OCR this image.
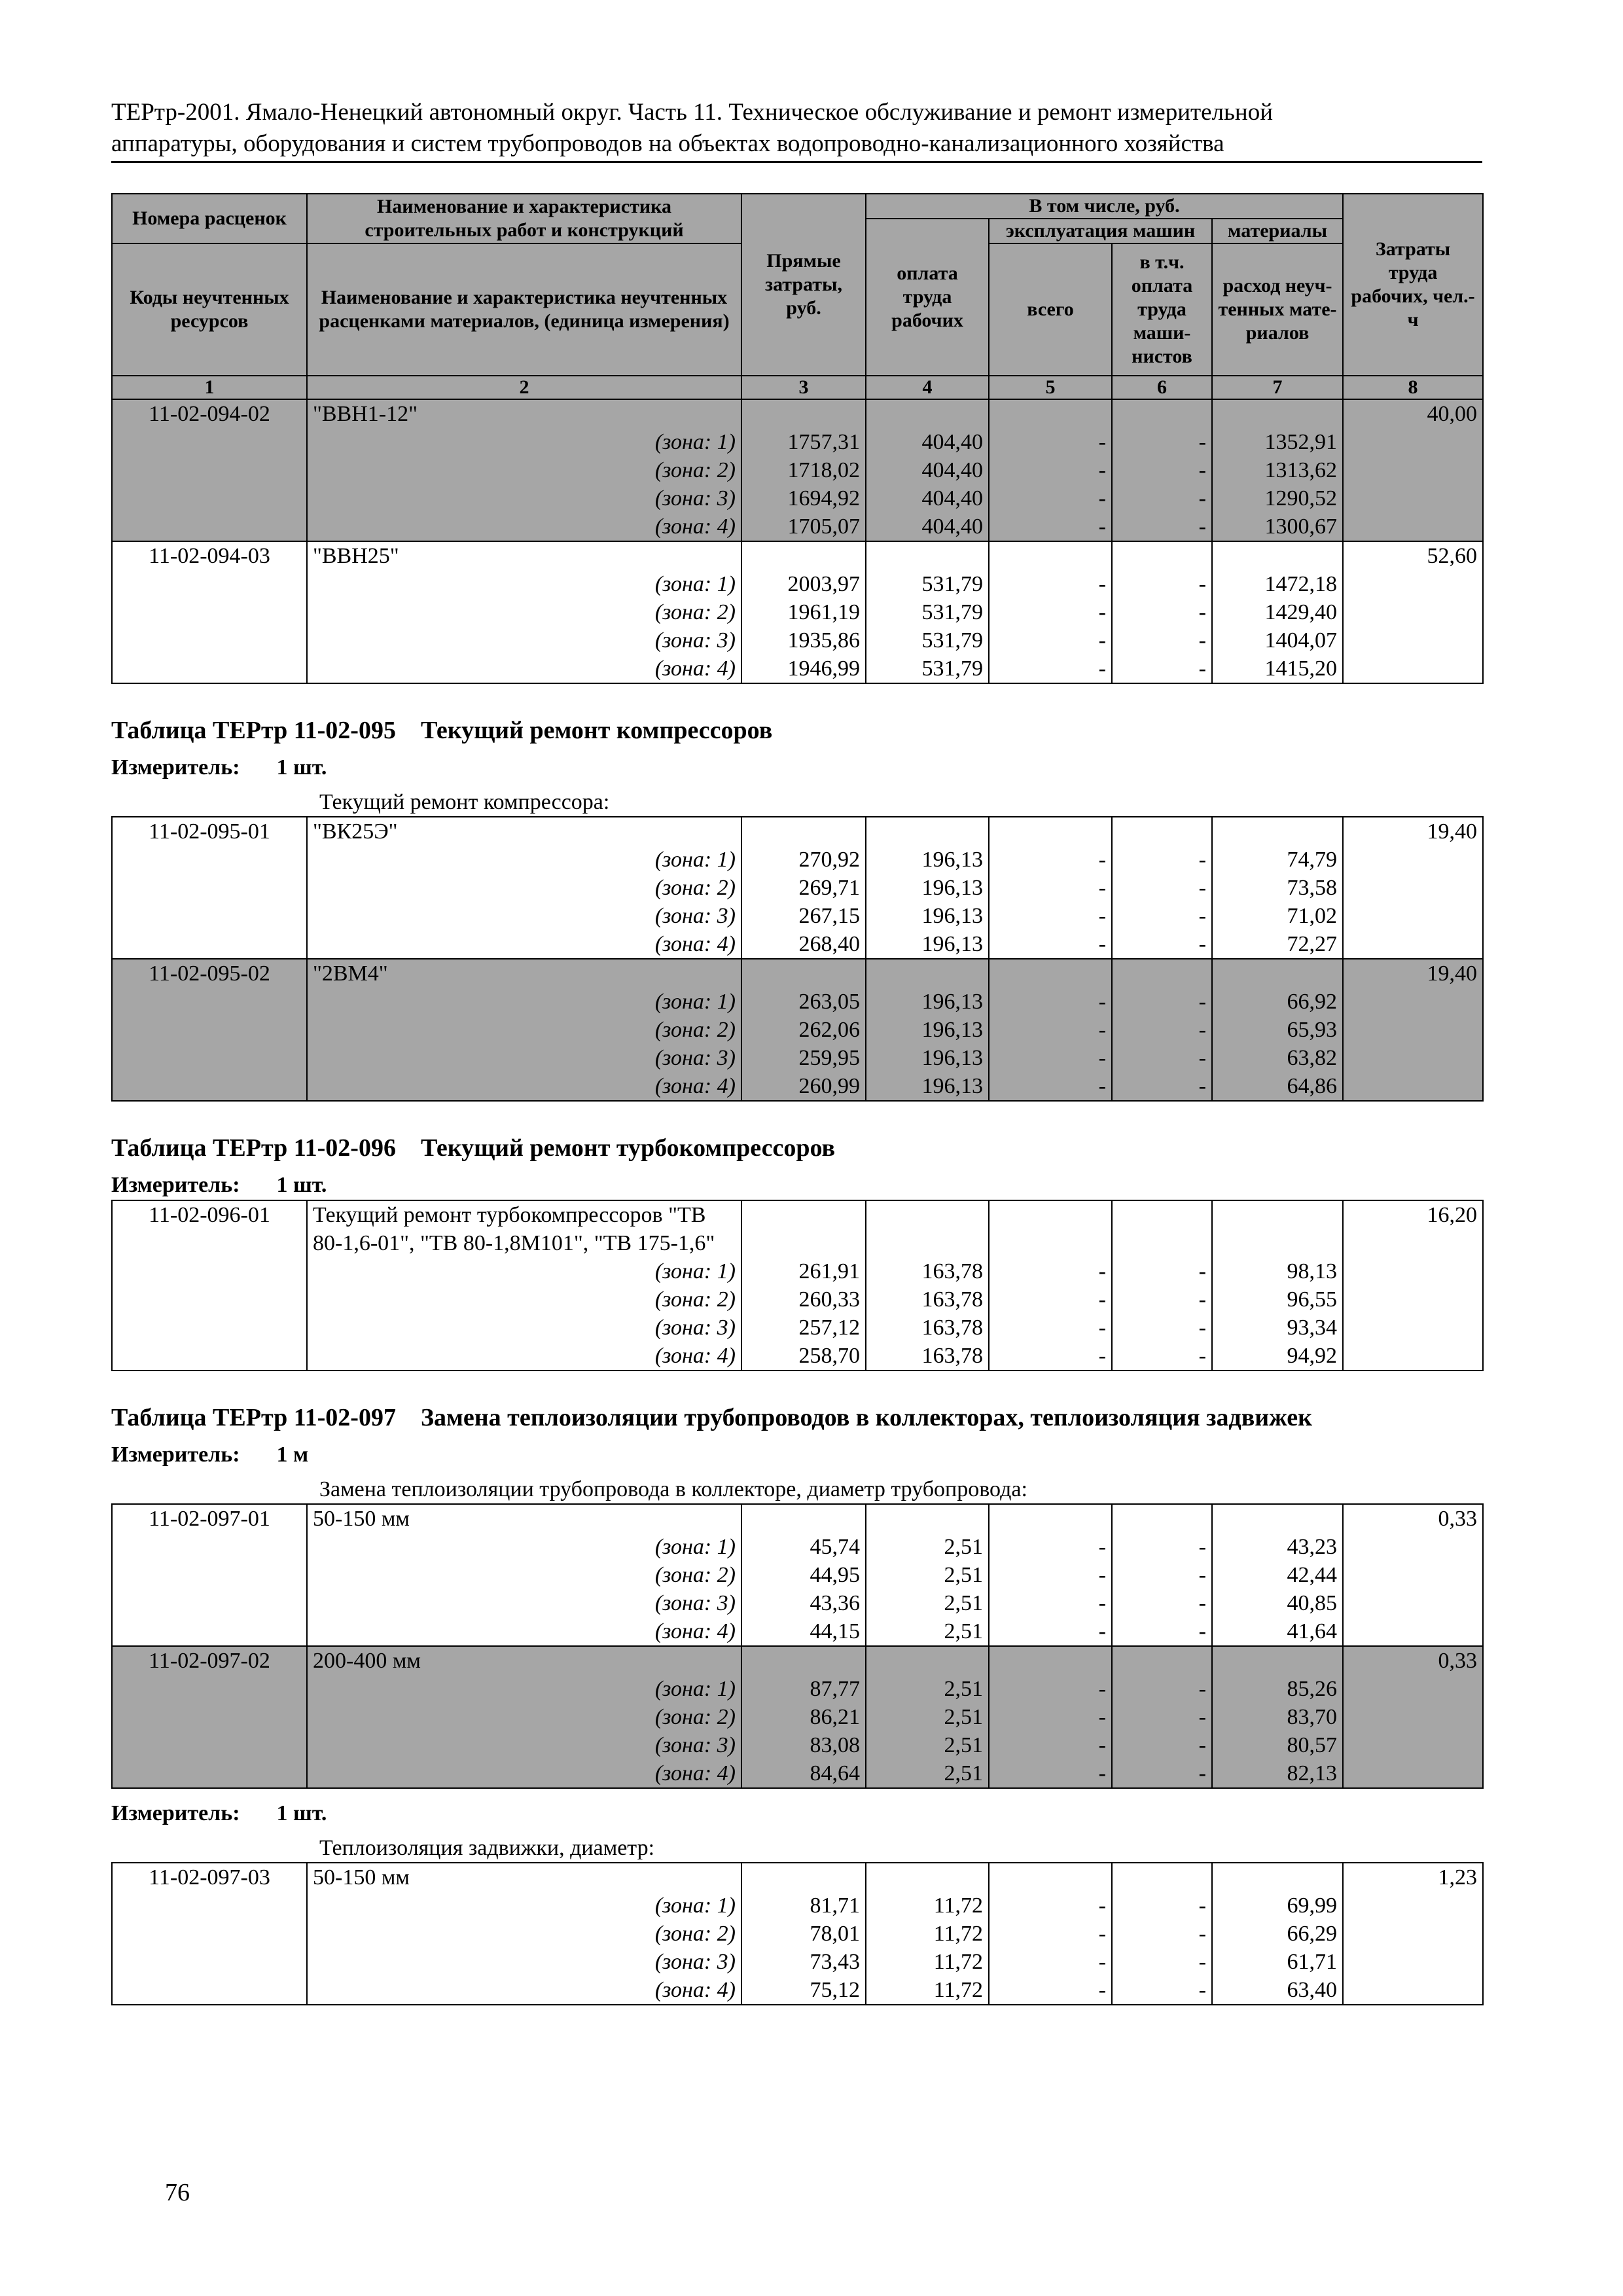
ТЕРтр-2001. Ямало-Ненецкий автономный округ. Часть 11. Техническое обслуживание и ремонт измерительной
аппаратуры, оборудования и систем трубопроводов на объектах водопроводно-канализационного хозяйства
Номера расценок	Наименование и характеристика строительных работ и конструкций	Прямые затраты, руб.	В том числе, руб.				Затраты труда рабочих, чел.-ч
			оплата труда рабочих	эксплуатация машин		материалы	
Коды неучтенных ресурсов	Наименование и характеристика неучтенных расценками материалов, (единица измерения)			всего	в т.ч. оплата труда маши-нистов	расход неуч-тенных мате-риалов	

1	2	3	4	5	6	7	8
11-02-094-02	"ВВН1-12"						40,00
	(зона: 1)	1757,31	404,40	-	-	1352,91	
	(зона: 2)	1718,02	404,40	-	-	1313,62	
	(зона: 3)	1694,92	404,40	-	-	1290,52	
	(зона: 4)	1705,07	404,40	-	-	1300,67	
11-02-094-03	"ВВН25"						52,60
	(зона: 1)	2003,97	531,79	-	-	1472,18	
	(зона: 2)	1961,19	531,79	-	-	1429,40	
	(зона: 3)	1935,86	531,79	-	-	1404,07	
	(зона: 4)	1946,99	531,79	-	-	1415,20	
Таблица ТЕРтр 11-02-095 Текущий ремонт компрессоров
Измеритель: 1 шт.
Текущий ремонт компрессора:
11-02-095-01	"ВК25Э"						19,40
	(зона: 1)	270,92	196,13	-	-	74,79	
	(зона: 2)	269,71	196,13	-	-	73,58	
	(зона: 3)	267,15	196,13	-	-	71,02	
	(зона: 4)	268,40	196,13	-	-	72,27	
11-02-095-02	"2ВМ4"						19,40
	(зона: 1)	263,05	196,13	-	-	66,92	
	(зона: 2)	262,06	196,13	-	-	65,93	
	(зона: 3)	259,95	196,13	-	-	63,82	
	(зона: 4)	260,99	196,13	-	-	64,86	
Таблица ТЕРтр 11-02-096 Текущий ремонт турбокомпрессоров
Измеритель: 1 шт.
11-02-096-01	Текущий ремонт турбокомпрессоров "ТВ 80-1,6-01", "ТВ 80-1,8М101", "ТВ 175-1,6"						16,20
	(зона: 1)	261,91	163,78	-	-	98,13	
	(зона: 2)	260,33	163,78	-	-	96,55	
	(зона: 3)	257,12	163,78	-	-	93,34	
	(зона: 4)	258,70	163,78	-	-	94,92	
Таблица ТЕРтр 11-02-097 Замена теплоизоляции трубопроводов в коллекторах, теплоизоляция задвижек
Измеритель: 1 м
Замена теплоизоляции трубопровода в коллекторе, диаметр трубопровода:
11-02-097-01	50-150 мм						0,33
	(зона: 1)	45,74	2,51	-	-	43,23	
	(зона: 2)	44,95	2,51	-	-	42,44	
	(зона: 3)	43,36	2,51	-	-	40,85	
	(зона: 4)	44,15	2,51	-	-	41,64	
11-02-097-02	200-400 мм						0,33
	(зона: 1)	87,77	2,51	-	-	85,26	
	(зона: 2)	86,21	2,51	-	-	83,70	
	(зона: 3)	83,08	2,51	-	-	80,57	
	(зона: 4)	84,64	2,51	-	-	82,13	
Измеритель: 1 шт.
Теплоизоляция задвижки, диаметр:
11-02-097-03	50-150 мм						1,23
	(зона: 1)	81,71	11,72	-	-	69,99	
	(зона: 2)	78,01	11,72	-	-	66,29	
	(зона: 3)	73,43	11,72	-	-	61,71	
	(зона: 4)	75,12	11,72	-	-	63,40	
76
